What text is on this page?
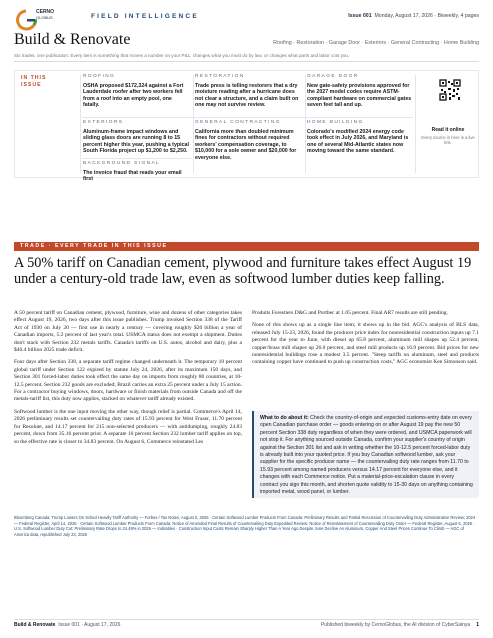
CERNO
GLOBUS	FIELD INTELLIGENCE	Issue 001 Monday, August 17, 2026 · Biweekly, 4 pages
Build & Renovate	Roofing · Restoration · Garage Door · Exteriors · General Contracting · Home Building
Six trades, one publication. Every item is something that moves a number on your P&L: changes what you must do by law, or changes what parts and labor cost you.
IN THIS ISSUE
ROOFING
OSHA proposed $172,324 against a Fort Lauderdale roofer after two workers fell from a roof into an empty pool, one fatally.
RESTORATION
Trade press is telling restorers that a dry moisture reading after a hurricane does not clear a structure, and a claim built on one may not survive review.
GARAGE DOOR
New gate-safety provisions approved for the 2027 model codes require ASTM-compliant hardware on commercial gates seven feet tall and up.
EXTERIORS
Aluminum-frame impact windows and sliding glass doors are running 8 to 15 percent higher this year, pushing a typical South Florida project up $1,200 to $2,250.
GENERAL CONTRACTING
California more than doubled minimum fines for contractors without required workers' compensation coverage, to $10,000 for a sole owner and $20,000 for everyone else.
HOME BUILDING
Colorado's modified 2024 energy code took effect in July 2026, and Maryland is one of several Mid-Atlantic states now moving toward the same standard.
BACKGROUND SIGNAL
The invoice fraud that reads your email first
Read it online
Every source in here is a live link.
TRADE · EVERY TRADE IN THIS ISSUE
A 50% tariff on Canadian cement, plywood and furniture takes effect August 19 under a century-old trade law, even as softwood lumber duties keep falling.

A 50 percent tariff on Canadian cement, plywood, furniture, wine and dozens of other categories takes effect August 19, 2026, two days after this issue publishes. Trump invoked Section 338 of the Tariff Act of 1930 on July 20 — first use in nearly a century — covering roughly $20 billion a year of Canadian imports, 5.2 percent of last year's total. USMCA status does not exempt a shipment. Duties don't stack with Section 232 metals tariffs. Canada's tariffs on U.S. autos, alcohol and dairy, plus a $46.4 billion 2025 trade deficit.

Four days after Section 338, a separate tariff regime changed underneath it. The temporary 10 percent global tariff under Section 122 expired by statute July 24, 2026, after its maximum 150 days, and Section 301 forced-labor duties took effect the same day on imports from roughly 80 countries, at 10-12.5 percent. Section 232 goods are excluded; Brazil carries an extra 25 percent under a July 15 action. For a contractor buying windows, doors, hardware or finish materials from outside Canada and off the metals-tariff list, this duty now applies, stacked on whatever tariff already existed.

Softwood lumber is the one input moving the other way, though relief is partial. Commerce's April 14, 2026 preliminary results set countervailing duty rates of 15.93 percent for West Fraser, 11.70 percent for Resolute, and 14.17 percent for 215 non-selected producers — with antidumping, roughly 24.83 percent, down from 35.16 percent prior. A separate 10 percent Section 232 lumber tariff applies on top, so the effective rate is closer to 34.83 percent. On August 6, Commerce reinstated Les

Produits Forestiers D&G and Portbec at 1.05 percent. Final AR7 results are still pending.

None of this shows up as a single line item; it shows up in the bid. AGC's analysis of BLS data, released July 15-23, 2026, found the producer price index for nonresidential construction inputs up 7.1 percent for the year to June, with diesel up 65.8 percent, aluminum mill shapes up 52.4 percent, copper/brass mill shapes up 26.0 percent, and steel mill products up 16.9 percent. Bid prices for new nonresidential buildings rose a modest 3.5 percent. "Steep tariffs on aluminum, steel and products containing copper have continued to push up construction costs," AGC economist Ken Simonson said.

What to do about it: Check the country-of-origin and expected customs-entry date on every open Canadian purchase order — goods entering on or after August 19 pay the new 50 percent Section 338 duty regardless of when they were ordered, and USMCA paperwork will not stop it. For anything sourced outside Canada, confirm your supplier's country of origin against the Section 301 list and ask in writing whether the 10-12.5 percent forced-labor duty is already built into your quoted price. If you buy Canadian softwood lumber, ask your supplier for the specific producer name — the countervailing duty rate ranges from 11.70 to 15.93 percent among named producers versus 14.17 percent for everyone else, and it changes with each Commerce notice. Put a material-price-escalation clause in every contract you sign this month, and shorten quote validity to 15-30 days on anything containing imported metal, wood panel, or lumber.
Bloomberg Canada: Trump Lowers On Sched Heavily Tariff Authority — Forbes / Tax Notes, August 2, 2026 · Certain Softwood Lumber Products From Canada: Preliminary Results and Partial Rescission of Countervailing Duty Administrative Review; 2024 — Federal Register, April 14, 2026 · Certain Softwood Lumber Products From Canada: Notice of Amended Final Results of Countervailing Duty Expedited Review; Notice of Reinstatement of Countervailing Duty Order — Federal Register, August 6, 2026 · U.S. Softwood Lumber Duty Cut: Preliminary Rate Drops to 24.49% in 2026 — Indirables · Construction Input Costs Remain Sharply Higher Than A Year Ago Despite June Decline As Aluminum, Copper And Steel Prices Continue To Climb — AGC of America data, republished July 23, 2026
Build & Renovate Issue 001 · August 17, 2026	Published biweekly by CernoGlobus, the AI division of CyberSainya 1
